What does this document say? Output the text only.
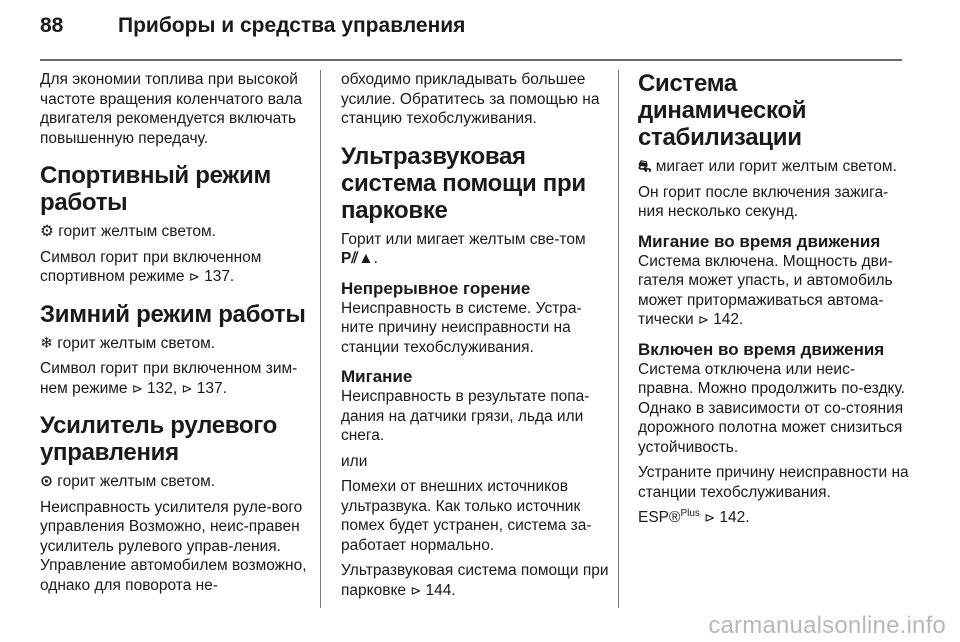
88	Приборы и средства управления

Для экономии топлива при высокой частоте вращения коленчатого вала двигателя рекомендуется включать повышенную передачу.

Спортивный режим работы

⚙ горит желтым светом.

Символ горит при включенном спортивном режиме ⊳ 137.

Зимний режим работы

❄ горит желтым светом.

Символ горит при включенном зим-нем режиме ⊳ 132, ⊳ 137.

Усилитель рулевого управления

⊙ горит желтым светом.

Неисправность усилителя руле-вого управления Возможно, неис-правен усилитель рулевого управ-ления. Управление автомобилем возможно, однако для поворота не-

обходимо прикладывать большее усилие. Обратитесь за помощью на станцию техобслуживания.

Ультразвуковая система помощи при парковке

Горит или мигает желтым све-том P⫽▲.

Непрерывное горение

Неисправность в системе. Устра-ните причину неисправности на станции техобслуживания.

Мигание

Неисправность в результате попа-дания на датчики грязи, льда или снега.

или

Помехи от внешних источников ультразвука. Как только источник помех будет устранен, система за-работает нормально.

Ультразвуковая система помощи при парковке ⊳ 144.

Система динамической стабилизации

⛐ мигает или горит желтым светом.

Он горит после включения зажига-ния несколько секунд.

Мигание во время движения

Система включена. Мощность дви-гателя может упасть, и автомобиль может притормаживаться автома-тически ⊳ 142.

Включен во время движения

Система отключена или неис-правна. Можно продолжить по-ездку. Однако в зависимости от со-стояния дорожного полотна может снизиться устойчивость.

Устраните причину неисправности на станции техобслуживания.

ESP®$^{Plus}$ ⊳ 142.

carmanualsonline.info
